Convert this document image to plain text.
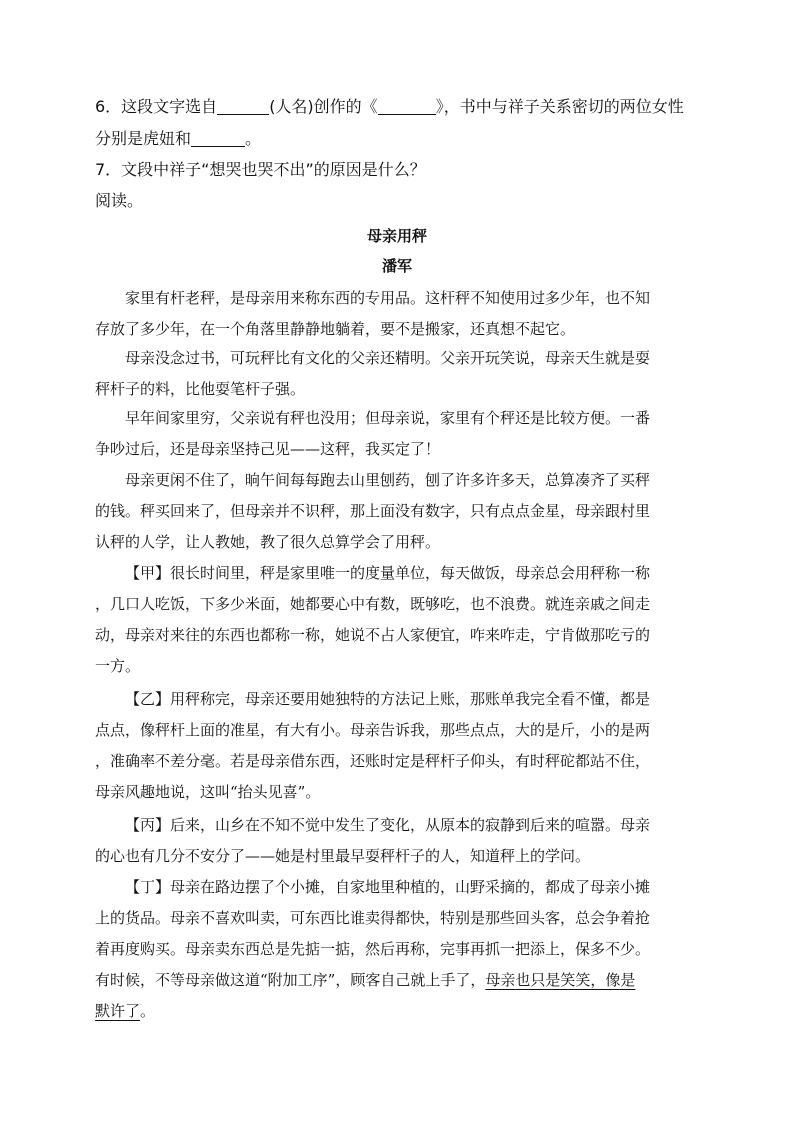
6．这段文字选自	(人名)创作的《	》，书中与祥子关系密切的两位女性

分别是虎妞和	。

7．文段中祥子“想哭也哭不出”的原因是什么？

阅读。

母亲用秤

潘军

家里有杆老秤，是母亲用来称东西的专用品。这杆秤不知使用过多少年，也不知
存放了多少年，在一个角落里静静地躺着，要不是搬家，还真想不起它。
母亲没念过书，可玩秤比有文化的父亲还精明。父亲开玩笑说，母亲天生就是耍
秤杆子的料，比他耍笔杆子强。
早年间家里穷，父亲说有秤也没用；但母亲说，家里有个秤还是比较方便。一番
争吵过后，还是母亲坚持己见——这秤，我买定了！
母亲更闲不住了，晌午间每每跑去山里刨药，刨了许多许多天，总算凑齐了买秤
的钱。秤买回来了，但母亲并不识秤，那上面没有数字，只有点点金星，母亲跟村里
认秤的人学，让人教她，教了很久总算学会了用秤。
【甲】很长时间里，秤是家里唯一的度量单位，每天做饭，母亲总会用秤称一称
，几口人吃饭，下多少米面，她都要心中有数，既够吃，也不浪费。就连亲戚之间走
动，母亲对来往的东西也都称一称，她说不占人家便宜，咋来咋走，宁肯做那吃亏的
一方。
【乙】用秤称完，母亲还要用她独特的方法记上账，那账单我完全看不懂，都是
点点，像秤杆上面的准星，有大有小。母亲告诉我，那些点点，大的是斤，小的是两
，准确率不差分毫。若是母亲借东西，还账时定是秤杆子仰头，有时秤砣都站不住，
母亲风趣地说，这叫“抬头见喜”。
【丙】后来，山乡在不知不觉中发生了变化，从原本的寂静到后来的喧嚣。母亲
的心也有几分不安分了——她是村里最早耍秤杆子的人，知道秤上的学问。
【丁】母亲在路边摆了个小摊，自家地里种植的，山野采摘的，都成了母亲小摊
上的货品。母亲不喜欢叫卖，可东西比谁卖得都快，特别是那些回头客，总会争着抢
着再度购买。母亲卖东西总是先掂一掂，然后再称，完事再抓一把添上，保多不少。
有时候，不等母亲做这道“附加工序”，顾客自己就上手了，母亲也只是笑笑，像是
默许了。
